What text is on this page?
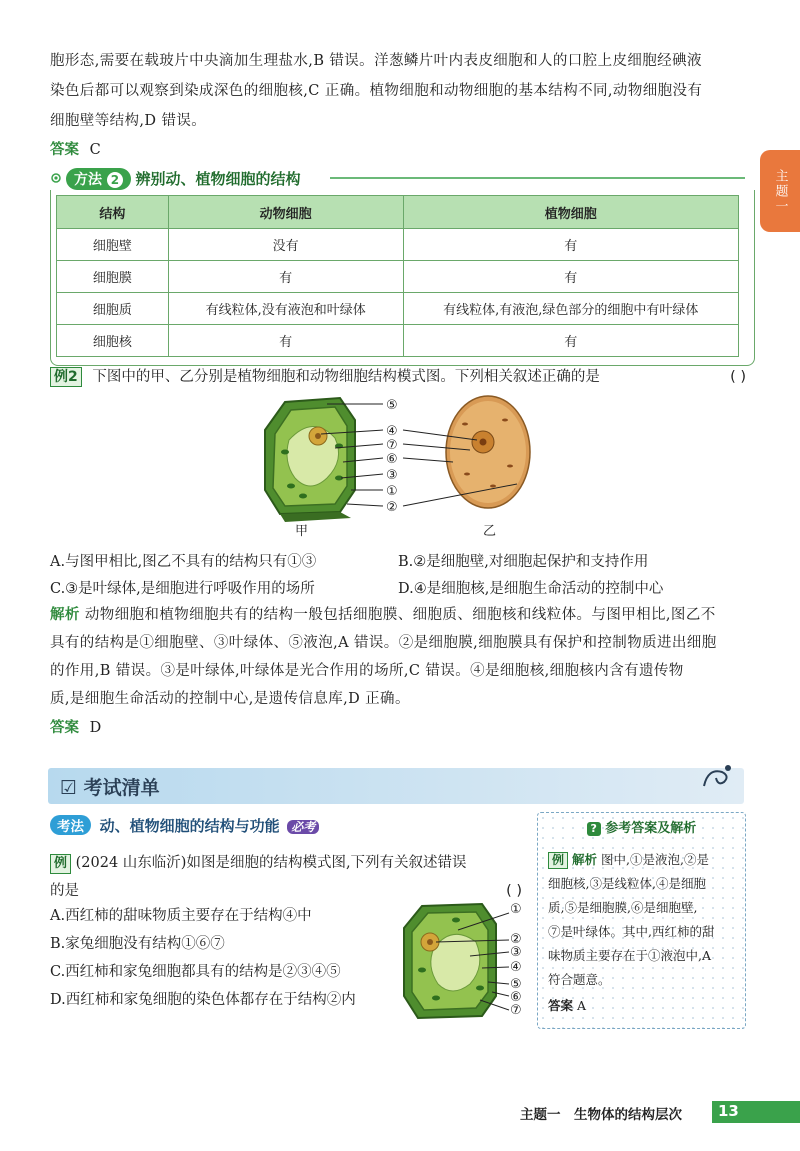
主题一
胞形态,需要在载玻片中央滴加生理盐水,B 错误。洋葱鳞片叶内表皮细胞和人的口腔上皮细胞经碘液
染色后都可以观察到染成深色的细胞核,C 正确。植物细胞和动物细胞的基本结构不同,动物细胞没有
细胞壁等结构,D 错误。
答案 C
方法 2 辨别动、植物细胞的结构
结构	动物细胞	植物细胞
细胞壁	没有	有
细胞膜	有	有
细胞质	有线粒体,没有液泡和叶绿体	有线粒体,有液泡,绿色部分的细胞中有叶绿体
细胞核	有	有
例2 下图中的甲、乙分别是植物细胞和动物细胞结构模式图。下列相关叙述正确的是	( )
⑤
④
⑦
⑥
③
①
②
甲	乙
A.与图甲相比,图乙不具有的结构只有①③	B.②是细胞壁,对细胞起保护和支持作用
C.③是叶绿体,是细胞进行呼吸作用的场所	D.④是细胞核,是细胞生命活动的控制中心
解析 动物细胞和植物细胞共有的结构一般包括细胞膜、细胞质、细胞核和线粒体。与图甲相比,图乙不
具有的结构是①细胞壁、③叶绿体、⑤液泡,A 错误。②是细胞膜,细胞膜具有保护和控制物质进出细胞
的作用,B 错误。③是叶绿体,叶绿体是光合作用的场所,C 错误。④是细胞核,细胞核内含有遗传物
质,是细胞生命活动的控制中心,是遗传信息库,D 正确。
答案 D
☑ 考试清单
考法 动、植物细胞的结构与功能 必考
例 (2024 山东临沂)如图是细胞的结构模式图,下列有关叙述错误
的是	( )
A.西红柿的甜味物质主要存在于结构④中
B.家兔细胞没有结构①⑥⑦
C.西红柿和家兔细胞都具有的结构是②③④⑤
D.西红柿和家兔细胞的染色体都存在于结构②内
①
②
③
④
⑤
⑥
⑦
? 参考答案及解析
例 解析 图中,①是液泡,②是
细胞核,③是线粒体,④是细胞
质,⑤是细胞膜,⑥是细胞壁,
⑦是叶绿体。其中,西红柿的甜
味物质主要存在于①液泡中,A
符合题意。
答案 A
主题一　生物体的结构层次 13
